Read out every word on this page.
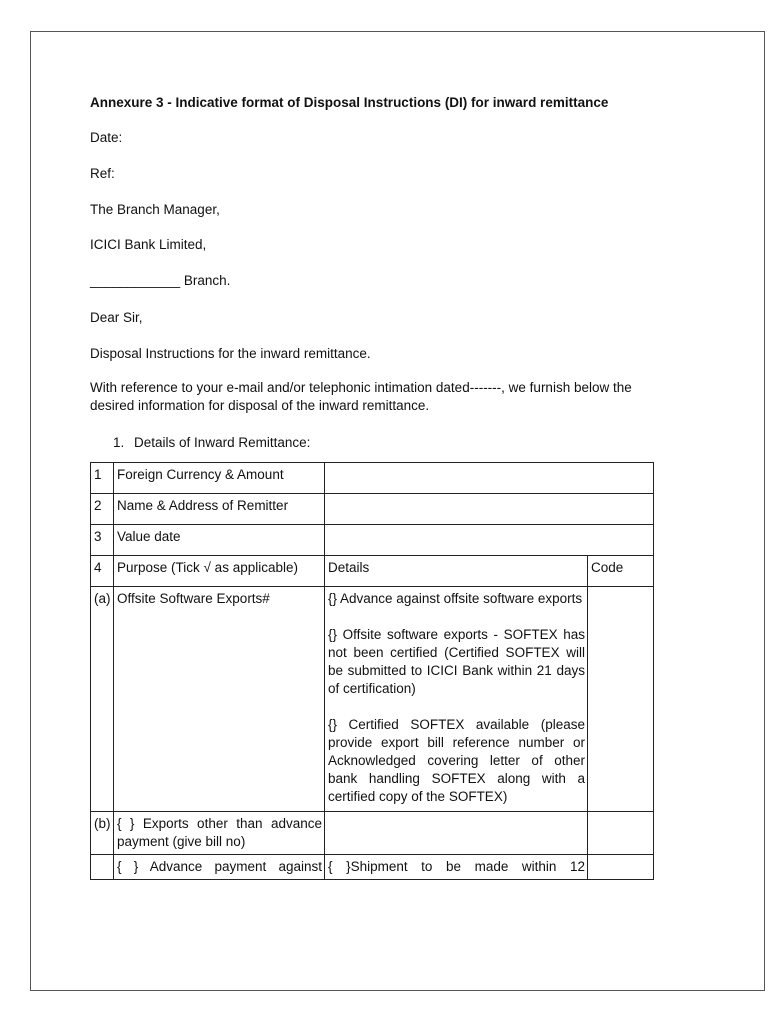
Annexure 3 - Indicative format of Disposal Instructions (DI) for inward remittance
Date:
Ref:
The Branch Manager,
ICICI Bank Limited,
____________ Branch.
Dear Sir,
Disposal Instructions for the inward remittance.
With reference to your e-mail and/or telephonic intimation dated-------, we furnish below the desired information for disposal of the inward remittance.
1. Details of Inward Remittance:
1	Foreign Currency & Amount		
2	Name & Address of Remitter		
3	Value date		
4	Purpose (Tick √ as applicable)	Details	Code
(a)	Offsite Software Exports#	{} Advance against offsite software exports

{} Offsite software exports - SOFTEX has not been certified (Certified SOFTEX will be submitted to ICICI Bank within 21 days of certification)

{} Certified SOFTEX available (please provide export bill reference number or Acknowledged covering letter of other bank handling SOFTEX along with a certified copy of the SOFTEX)	

(b)	{ } Exports other than advance payment (give bill no)		
	{ } Advance payment against	{ }Shipment to be made within 12	
